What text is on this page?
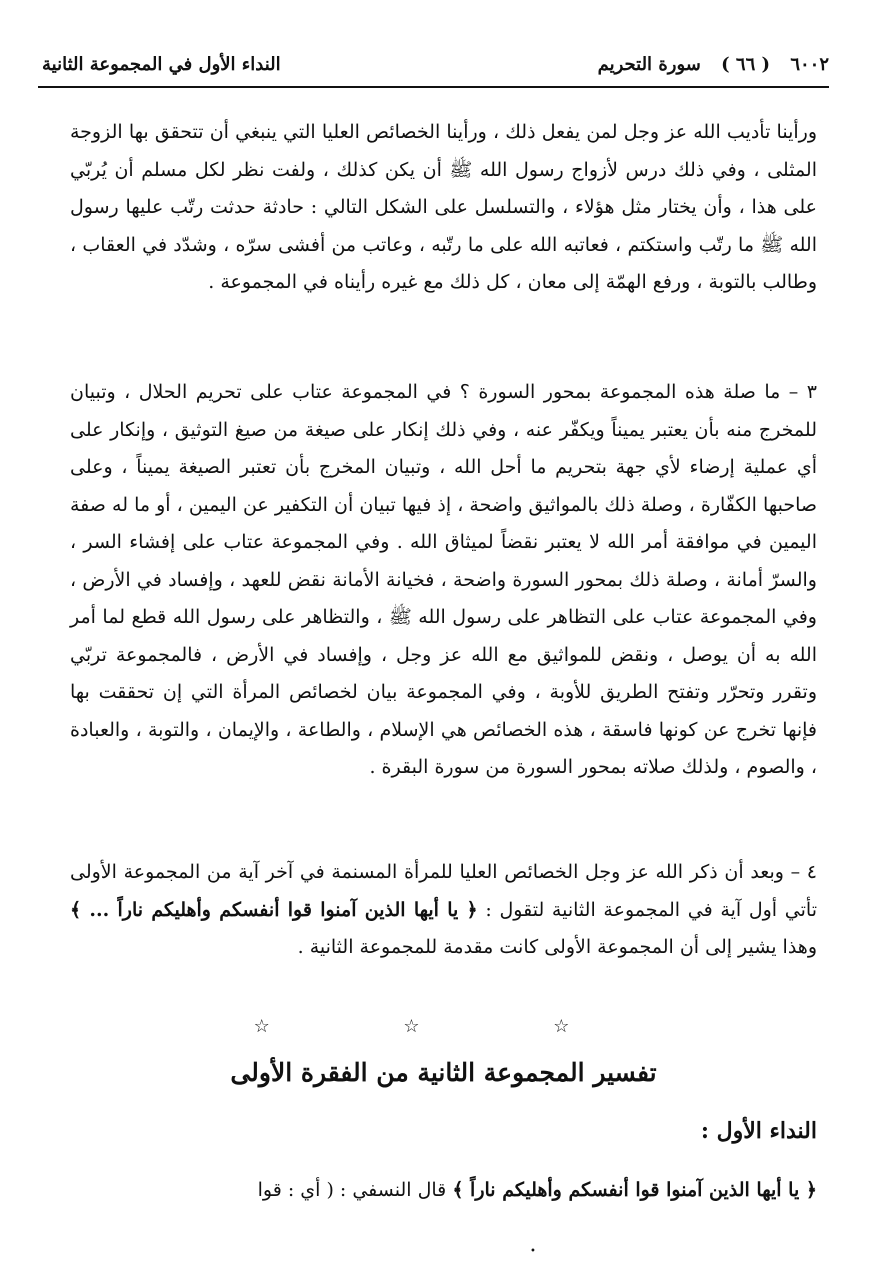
٦٠٠٢ ( ٦٦ ) سورة التحريم
النداء الأول في المجموعة الثانية

ورأينا تأديب الله عز وجل لمن يفعل ذلك ، ورأينا الخصائص العليا التي ينبغي أن تتحقق بها الزوجة المثلى ، وفي ذلك درس لأزواج رسول الله ﷺ أن يكن كذلك ، ولفت نظر لكل مسلم أن يُربّي على هذا ، وأن يختار مثل هؤلاء ، والتسلسل على الشكل التالي : حادثة حدثت رتّب عليها رسول الله ﷺ ما رتّب واستكتم ، فعاتبه الله على ما رتّبه ، وعاتب من أفشى سرّه ، وشدّد في العقاب ، وطالب بالتوبة ، ورفع الهمّة إلى معان ، كل ذلك مع غيره رأيناه في المجموعة .

٣ – ما صلة هذه المجموعة بمحور السورة ؟ في المجموعة عتاب على تحريم الحلال ، وتبيان للمخرج منه بأن يعتبر يميناً ويكفّر عنه ، وفي ذلك إنكار على صيغة من صيغ التوثيق ، وإنكار على أي عملية إرضاء لأي جهة بتحريم ما أحل الله ، وتبيان المخرج بأن تعتبر الصيغة يميناً ، وعلى صاحبها الكفّارة ، وصلة ذلك بالمواثيق واضحة ، إذ فيها تبيان أن التكفير عن اليمين ، أو ما له صفة اليمين في موافقة أمر الله لا يعتبر نقضاً لميثاق الله . وفي المجموعة عتاب على إفشاء السر ، والسرّ أمانة ، وصلة ذلك بمحور السورة واضحة ، فخيانة الأمانة نقض للعهد ، وإفساد في الأرض ، وفي المجموعة عتاب على التظاهر على رسول الله ﷺ ، والتظاهر على رسول الله قطع لما أمر الله به أن يوصل ، ونقض للمواثيق مع الله عز وجل ، وإفساد في الأرض ، فالمجموعة تربّي وتقرر وتحرّر وتفتح الطريق للأوبة ، وفي المجموعة بيان لخصائص المرأة التي إن تحققت بها فإنها تخرج عن كونها فاسقة ، هذه الخصائص هي الإسلام ، والطاعة ، والإيمان ، والتوبة ، والعبادة ، والصوم ، ولذلك صلاته بمحور السورة من سورة البقرة .

٤ – وبعد أن ذكر الله عز وجل الخصائص العليا للمرأة المسنمة في آخر آية من المجموعة الأولى تأتي أول آية في المجموعة الثانية لتقول : ﴿ يا أيها الذين آمنوا قوا أنفسكم وأهليكم ناراً ... ﴾ وهذا يشير إلى أن المجموعة الأولى كانت مقدمة للمجموعة الثانية .

☆ ☆ ☆
تفسير المجموعة الثانية من الفقرة الأولى
النداء الأول :

﴿ يا أيها الذين آمنوا قوا أنفسكم وأهليكم ناراً ﴾ قال النسفي : ( أي : قوا

•
